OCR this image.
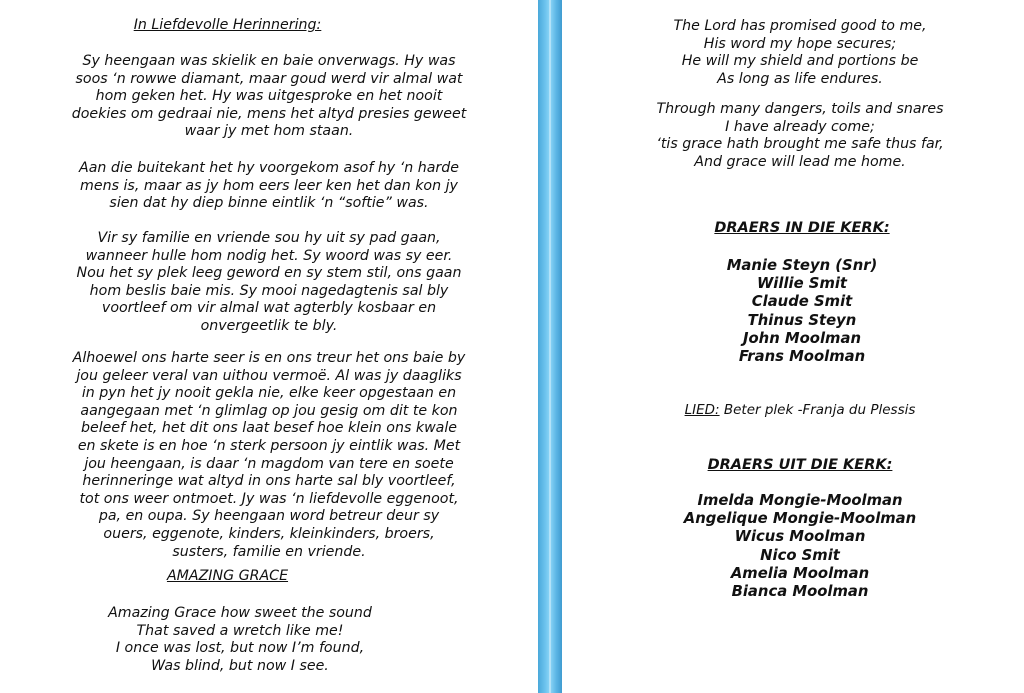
In Liefdevolle Herinnering:
Sy heengaan was skielik en baie onverwags. Hy was
soos ‘n rowwe diamant, maar goud werd vir almal wat
hom geken het. Hy was uitgesproke en het nooit
doekies om gedraai nie, mens het altyd presies geweet
waar jy met hom staan.
Aan die buitekant het hy voorgekom asof hy ‘n harde
mens is, maar as jy hom eers leer ken het dan kon jy
sien dat hy diep binne eintlik ‘n “softie” was.
Vir sy familie en vriende sou hy uit sy pad gaan,
wanneer hulle hom nodig het. Sy woord was sy eer.
Nou het sy plek leeg geword en sy stem stil, ons gaan
hom beslis baie mis. Sy mooi nagedagtenis sal bly
voortleef om vir almal wat agterbly kosbaar en
onvergeetlik te bly.
Alhoewel ons harte seer is en ons treur het ons baie by
jou geleer veral van uithou vermoë. Al was jy daagliks
in pyn het jy nooit gekla nie, elke keer opgestaan en
aangegaan met ‘n glimlag op jou gesig om dit te kon
beleef het, het dit ons laat besef hoe klein ons kwale
en skete is en hoe ‘n sterk persoon jy eintlik was. Met
jou heengaan, is daar ‘n magdom van tere en soete
herinneringe wat altyd in ons harte sal bly voortleef,
tot ons weer ontmoet. Jy was ‘n liefdevolle eggenoot,
pa, en oupa. Sy heengaan word betreur deur sy
ouers, eggenote, kinders, kleinkinders, broers,
susters, familie en vriende.
AMAZING GRACE
Amazing Grace how sweet the sound
That saved a wretch like me!
I once was lost, but now I’m found,
Was blind, but now I see.
The Lord has promised good to me,
His word my hope secures;
He will my shield and portions be
As long as life endures.
Through many dangers, toils and snares
I have already come;
‘tis grace hath brought me safe thus far,
And grace will lead me home.
DRAERS IN DIE KERK:
Manie Steyn (Snr)
Willie Smit
Claude Smit
Thinus Steyn
John Moolman
Frans Moolman
LIED: Beter plek -Franja du Plessis
DRAERS UIT DIE KERK:
Imelda Mongie-Moolman
Angelique Mongie-Moolman
Wicus Moolman
Nico Smit
Amelia Moolman
Bianca Moolman
